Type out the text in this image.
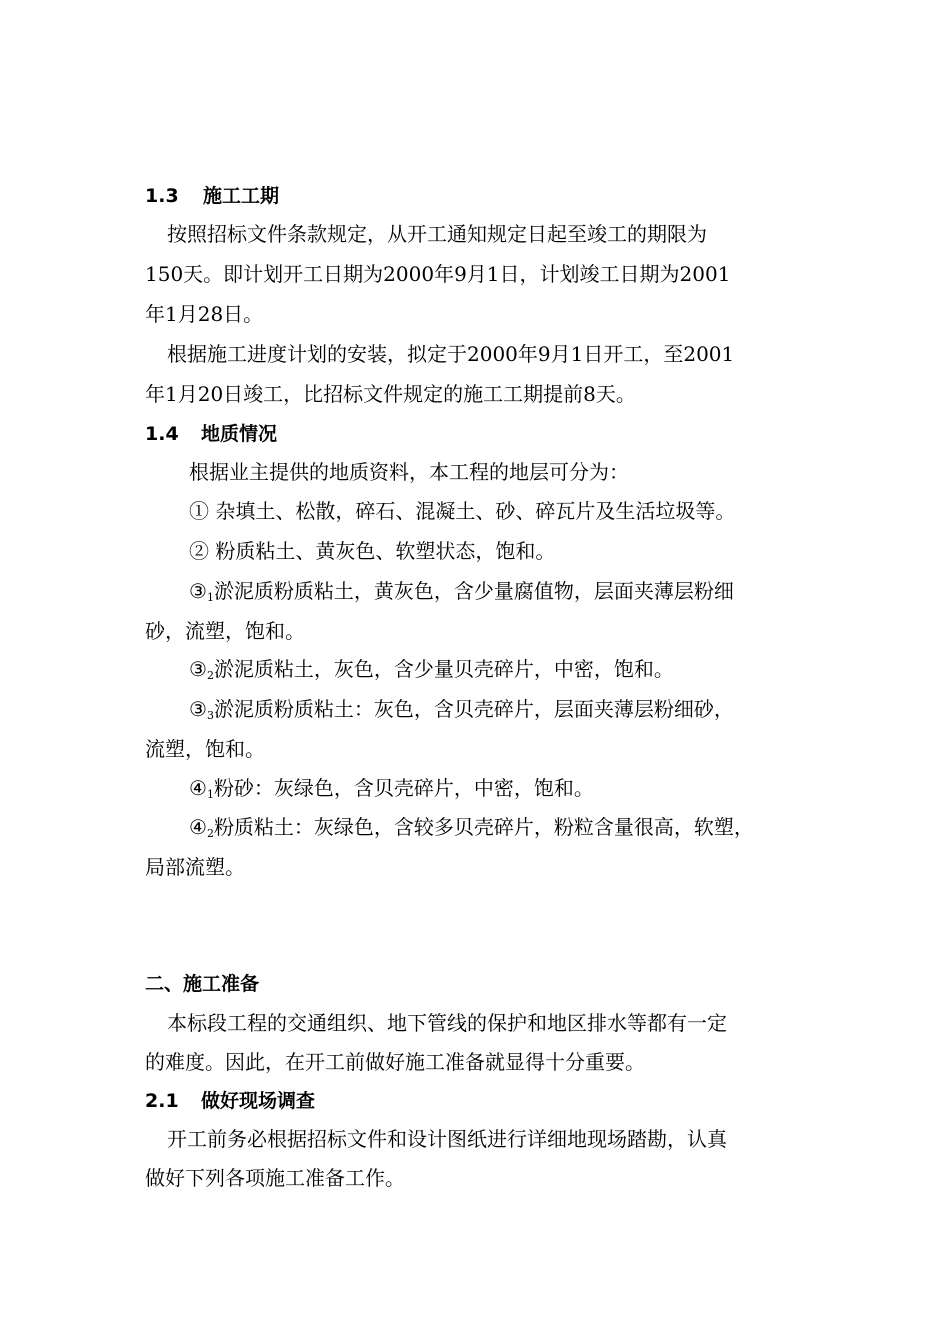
1.3 施工工期
按照招标文件条款规定，从开工通知规定日起至竣工的期限为
150天。即计划开工日期为2000年9月1日，计划竣工日期为2001
年1月28日。
根据施工进度计划的安装，拟定于2000年9月1日开工，至2001
年1月20日竣工，比招标文件规定的施工工期提前8天。
1.4 地质情况
根据业主提供的地质资料，本工程的地层可分为：
① 杂填土、松散，碎石、混凝土、砂、碎瓦片及生活垃圾等。
② 粉质粘土、黄灰色、软塑状态，饱和。
$③_1$淤泥质粉质粘土，黄灰色，含少量腐值物，层面夹薄层粉细
砂，流塑，饱和。
$③_2$淤泥质粘土，灰色，含少量贝壳碎片，中密，饱和。
$③_3$淤泥质粉质粘土：灰色，含贝壳碎片，层面夹薄层粉细砂，
流塑，饱和。
$④_1$粉砂：灰绿色，含贝壳碎片，中密，饱和。
$④_2$粉质粘土：灰绿色，含较多贝壳碎片，粉粒含量很高，软塑，
局部流塑。
二、施工准备
本标段工程的交通组织、地下管线的保护和地区排水等都有一定
的难度。因此，在开工前做好施工准备就显得十分重要。
2.1 做好现场调查
开工前务必根据招标文件和设计图纸进行详细地现场踏勘，认真
做好下列各项施工准备工作。
